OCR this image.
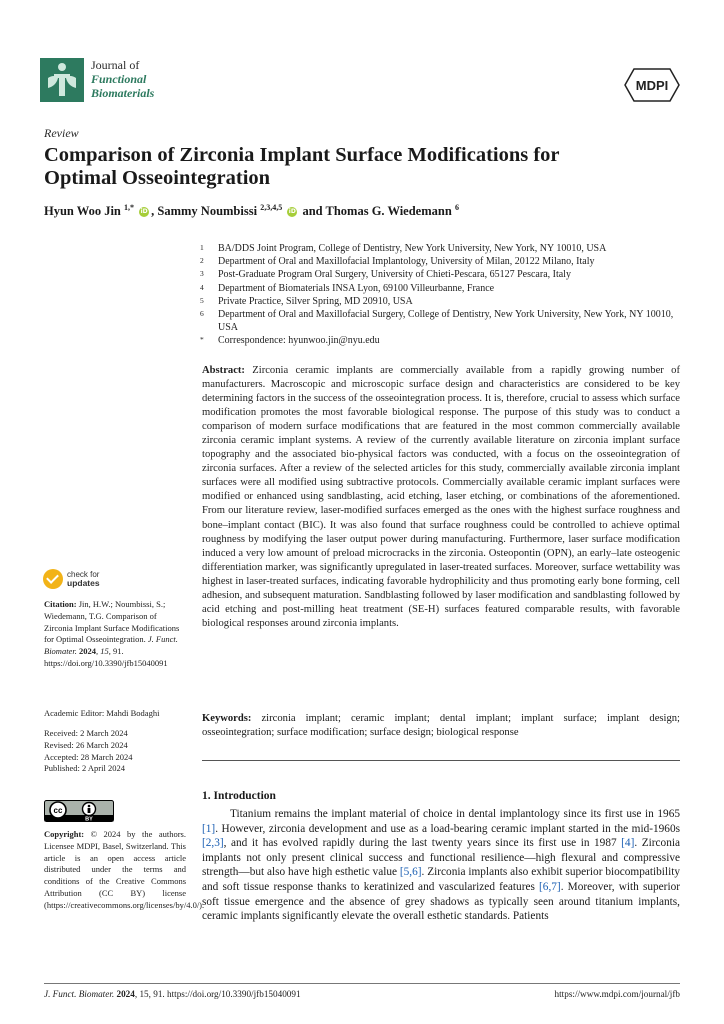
Journal of
Functional
Biomaterials	MDPI
Review
Comparison of Zirconia Implant Surface Modifications for
Optimal Osseointegration
Hyun Woo Jin $^{1,*}$ iD , Sammy Noumbissi $^{2,3,4,5}$ iD and Thomas G. Wiedemann $^6$
1 BA/DDS Joint Program, College of Dentistry, New York University, New York, NY 10010, USA
2 Department of Oral and Maxillofacial Implantology, University of Milan, 20122 Milano, Italy
3 Post-Graduate Program Oral Surgery, University of Chieti-Pescara, 65127 Pescara, Italy
4 Department of Biomaterials INSA Lyon, 69100 Villeurbanne, France
5 Private Practice, Silver Spring, MD 20910, USA
6 Department of Oral and Maxillofacial Surgery, College of Dentistry, New York University, New York, NY 10010, USA
* Correspondence: hyunwoo.jin@nyu.edu

Abstract: Zirconia ceramic implants are commercially available from a rapidly growing number of manufacturers. Macroscopic and microscopic surface design and characteristics are considered to be key determining factors in the success of the osseointegration process. It is, therefore, crucial to assess which surface modification promotes the most favorable biological response. The purpose of this study was to conduct a comparison of modern surface modifications that are featured in the most common commercially available zirconia ceramic implant systems. A review of the currently available literature on zirconia implant surface topography and the associated bio-physical factors was conducted, with a focus on the osseointegration of zirconia surfaces. After a review of the selected articles for this study, commercially available zirconia implant surfaces were all modified using subtractive protocols. Commercially available ceramic implant surfaces were modified or enhanced using sandblasting, acid etching, laser etching, or combinations of the aforementioned. From our literature review, laser-modified surfaces emerged as the ones with the highest surface roughness and bone–implant contact (BIC). It was also found that surface roughness could be controlled to achieve optimal roughness by modifying the laser output power during manufacturing. Furthermore, laser surface modification induced a very low amount of preload microcracks in the zirconia. Osteopontin (OPN), an early–late osteogenic differentiation marker, was significantly upregulated in laser-treated surfaces. Moreover, surface wettability was highest in laser-treated surfaces, indicating favorable hydrophilicity and thus promoting early bone forming, cell adhesion, and subsequent maturation. Sandblasting followed by laser modification and sandblasting followed by acid etching and post-milling heat treatment (SE-H) surfaces featured comparable results, with favorable biological responses around zirconia implants.

Keywords: zirconia implant; ceramic implant; dental implant; implant surface; implant design; osseointegration; surface modification; surface design; biological response

1. Introduction

Titanium remains the implant material of choice in dental implantology since its first use in 1965 [1]. However, zirconia development and use as a load-bearing ceramic implant started in the mid-1960s [2,3], and it has evolved rapidly during the last twenty years since its first use in 1987 [4]. Zirconia implants not only present clinical success and functional resilience—high flexural and compressive strength—but also have high esthetic value [5,6]. Zirconia implants also exhibit superior biocompatibility and soft tissue response thanks to keratinized and vascularized features [6,7]. Moreover, with superior soft tissue emergence and the absence of grey shadows as typically seen around titanium implants, ceramic implants significantly elevate the overall esthetic standards. Patients

check for
updates
Citation: Jin, H.W.; Noumbissi, S.; Wiedemann, T.G. Comparison of Zirconia Implant Surface Modifications for Optimal Osseointegration. J. Funct. Biomater. 2024, 15, 91. https://doi.org/10.3390/jfb15040091
Academic Editor: Mahdi Bodaghi
Received: 2 March 2024
Revised: 26 March 2024
Accepted: 28 March 2024
Published: 2 April 2024
cc
BY
Copyright: © 2024 by the authors. Licensee MDPI, Basel, Switzerland. This article is an open access article distributed under the terms and conditions of the Creative Commons Attribution (CC BY) license (https://creativecommons.org/licenses/by/4.0/).
J. Funct. Biomater. 2024, 15, 91. https://doi.org/10.3390/jfb15040091	https://www.mdpi.com/journal/jfb
